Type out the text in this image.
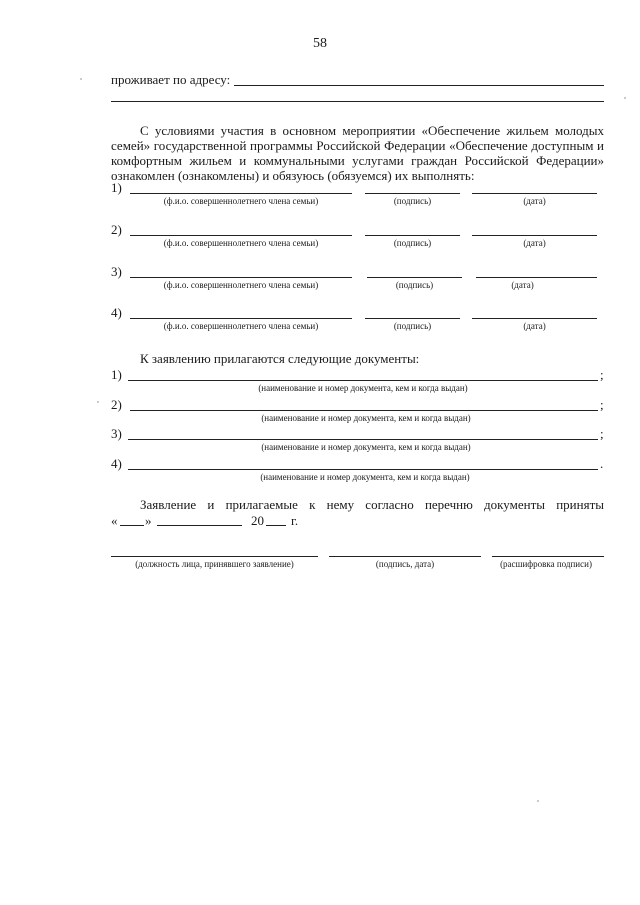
58
проживает по адресу:
С условиями участия в основном мероприятии «Обеспечение жильем молодых
семей» государственной программы Российской Федерации «Обеспечение доступным и
комфортным жильем и коммунальными услугами граждан Российской Федерации»
ознакомлен (ознакомлены) и обязуюсь (обязуемся) их выполнять:
1)
(ф.и.о. совершеннолетнего члена семьи)	(подпись)	(дата)
2)
(ф.и.о. совершеннолетнего члена семьи)	(подпись)	(дата)
3)
(ф.и.о. совершеннолетнего члена семьи)	(подпись)	(дата)
4)
(ф.и.о. совершеннолетнего члена семьи)	(подпись)	(дата)
К заявлению прилагаются следующие документы:
1)	;
(наименование и номер документа, кем и когда выдан)
2)	;
(наименование и номер документа, кем и когда выдан)
3)	;
(наименование и номер документа, кем и когда выдан)
4)	.
(наименование и номер документа, кем и когда выдан)
Заявление и прилагаемые к нему согласно перечню документы приняты
« »	20 г.
(должность лица, принявшего заявление)	(подпись, дата)	(расшифровка подписи)
